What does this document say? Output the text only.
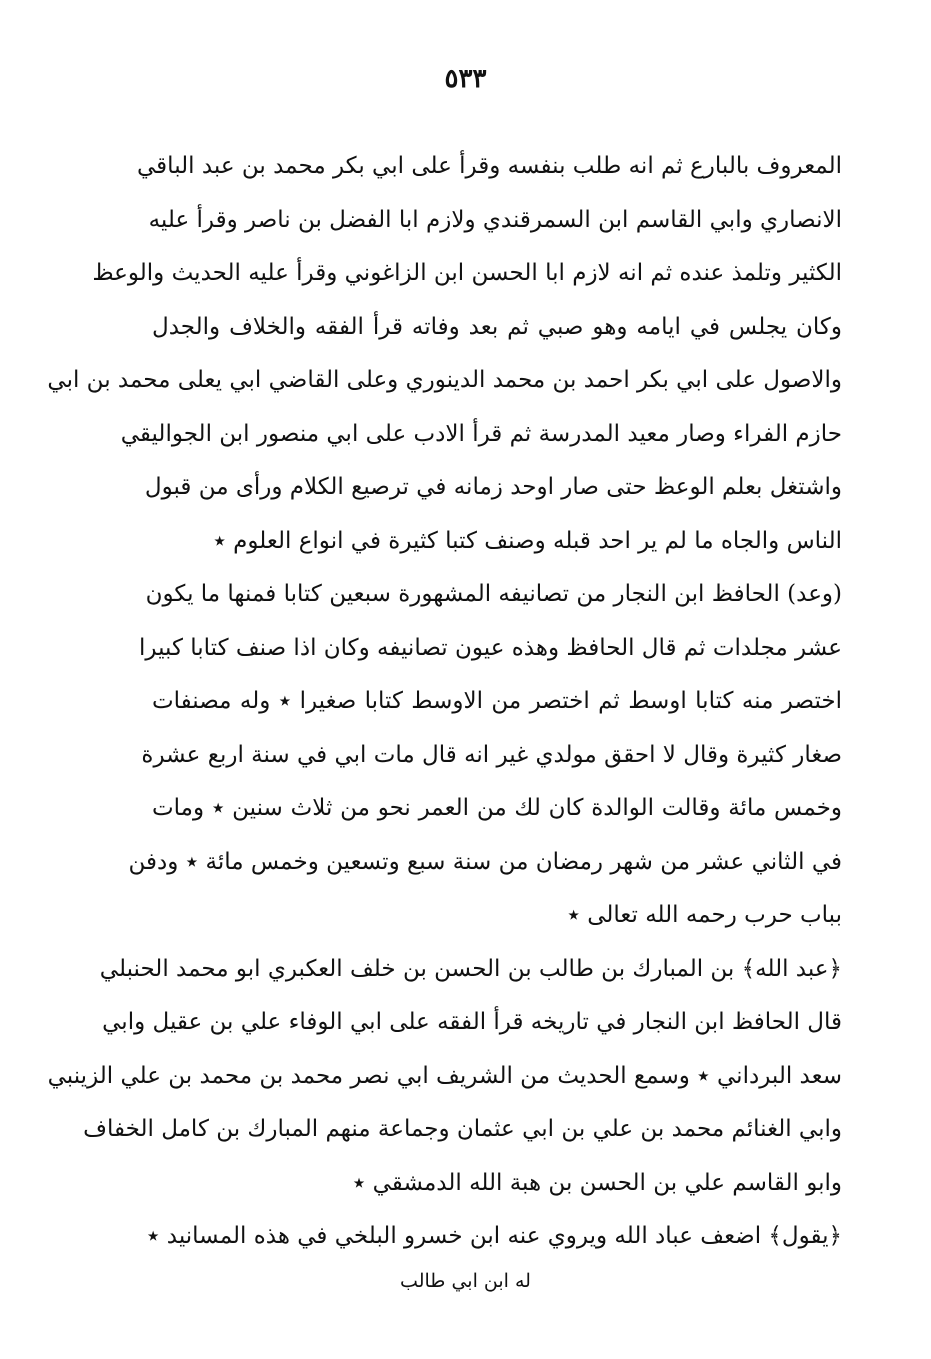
٥٣٣
المعروف بالبارع ثم انه طلب بنفسه وقرأ على ابي بكر محمد بن عبد الباقي
الانصاري وابي القاسم ابن السمرقندي ولازم ابا الفضل بن ناصر وقرأ عليه
الكثير وتلمذ عنده ثم انه لازم ابا الحسن ابن الزاغوني وقرأ عليه الحديث والوعظ
وكان يجلس في ايامه وهو صبي ثم بعد وفاته قرأ الفقه والخلاف والجدل
والاصول على ابي بكر احمد بن محمد الدينوري وعلى القاضي ابي يعلى محمد بن ابي
حازم الفراء وصار معيد المدرسة ثم قرأ الادب على ابي منصور ابن الجواليقي
واشتغل بعلم الوعظ حتى صار اوحد زمانه في ترصيع الكلام ورأى من قبول
الناس والجاه ما لم ير احد قبله وصنف كتبا كثيرة في انواع العلوم ٭
(وعد) الحافظ ابن النجار من تصانيفه المشهورة سبعين كتابا فمنها ما يكون
عشر مجلدات ثم قال الحافظ وهذه عيون تصانيفه وكان اذا صنف كتابا كبيرا
اختصر منه كتابا اوسط ثم اختصر من الاوسط كتابا صغيرا ٭ وله مصنفات
صغار كثيرة وقال لا احقق مولدي غير انه قال مات ابي في سنة اربع عشرة
وخمس مائة وقالت الوالدة كان لك من العمر نحو من ثلاث سنين ٭ ومات
في الثاني عشر من شهر رمضان من سنة سبع وتسعين وخمس مائة ٭ ودفن
بباب حرب رحمه الله تعالى ٭
﴿عبد الله﴾ بن المبارك بن طالب بن الحسن بن خلف العكبري ابو محمد الحنبلي
قال الحافظ ابن النجار في تاريخه قرأ الفقه على ابي الوفاء علي بن عقيل وابي
سعد البرداني ٭ وسمع الحديث من الشريف ابي نصر محمد بن محمد بن علي الزينبي
وابي الغنائم محمد بن علي بن ابي عثمان وجماعة منهم المبارك بن كامل الخفاف
وابو القاسم علي بن الحسن بن هبة الله الدمشقي ٭
﴿يقول﴾ اضعف عباد الله ويروي عنه ابن خسرو البلخي في هذه المسانيد ٭
له ابن ابي طالب
